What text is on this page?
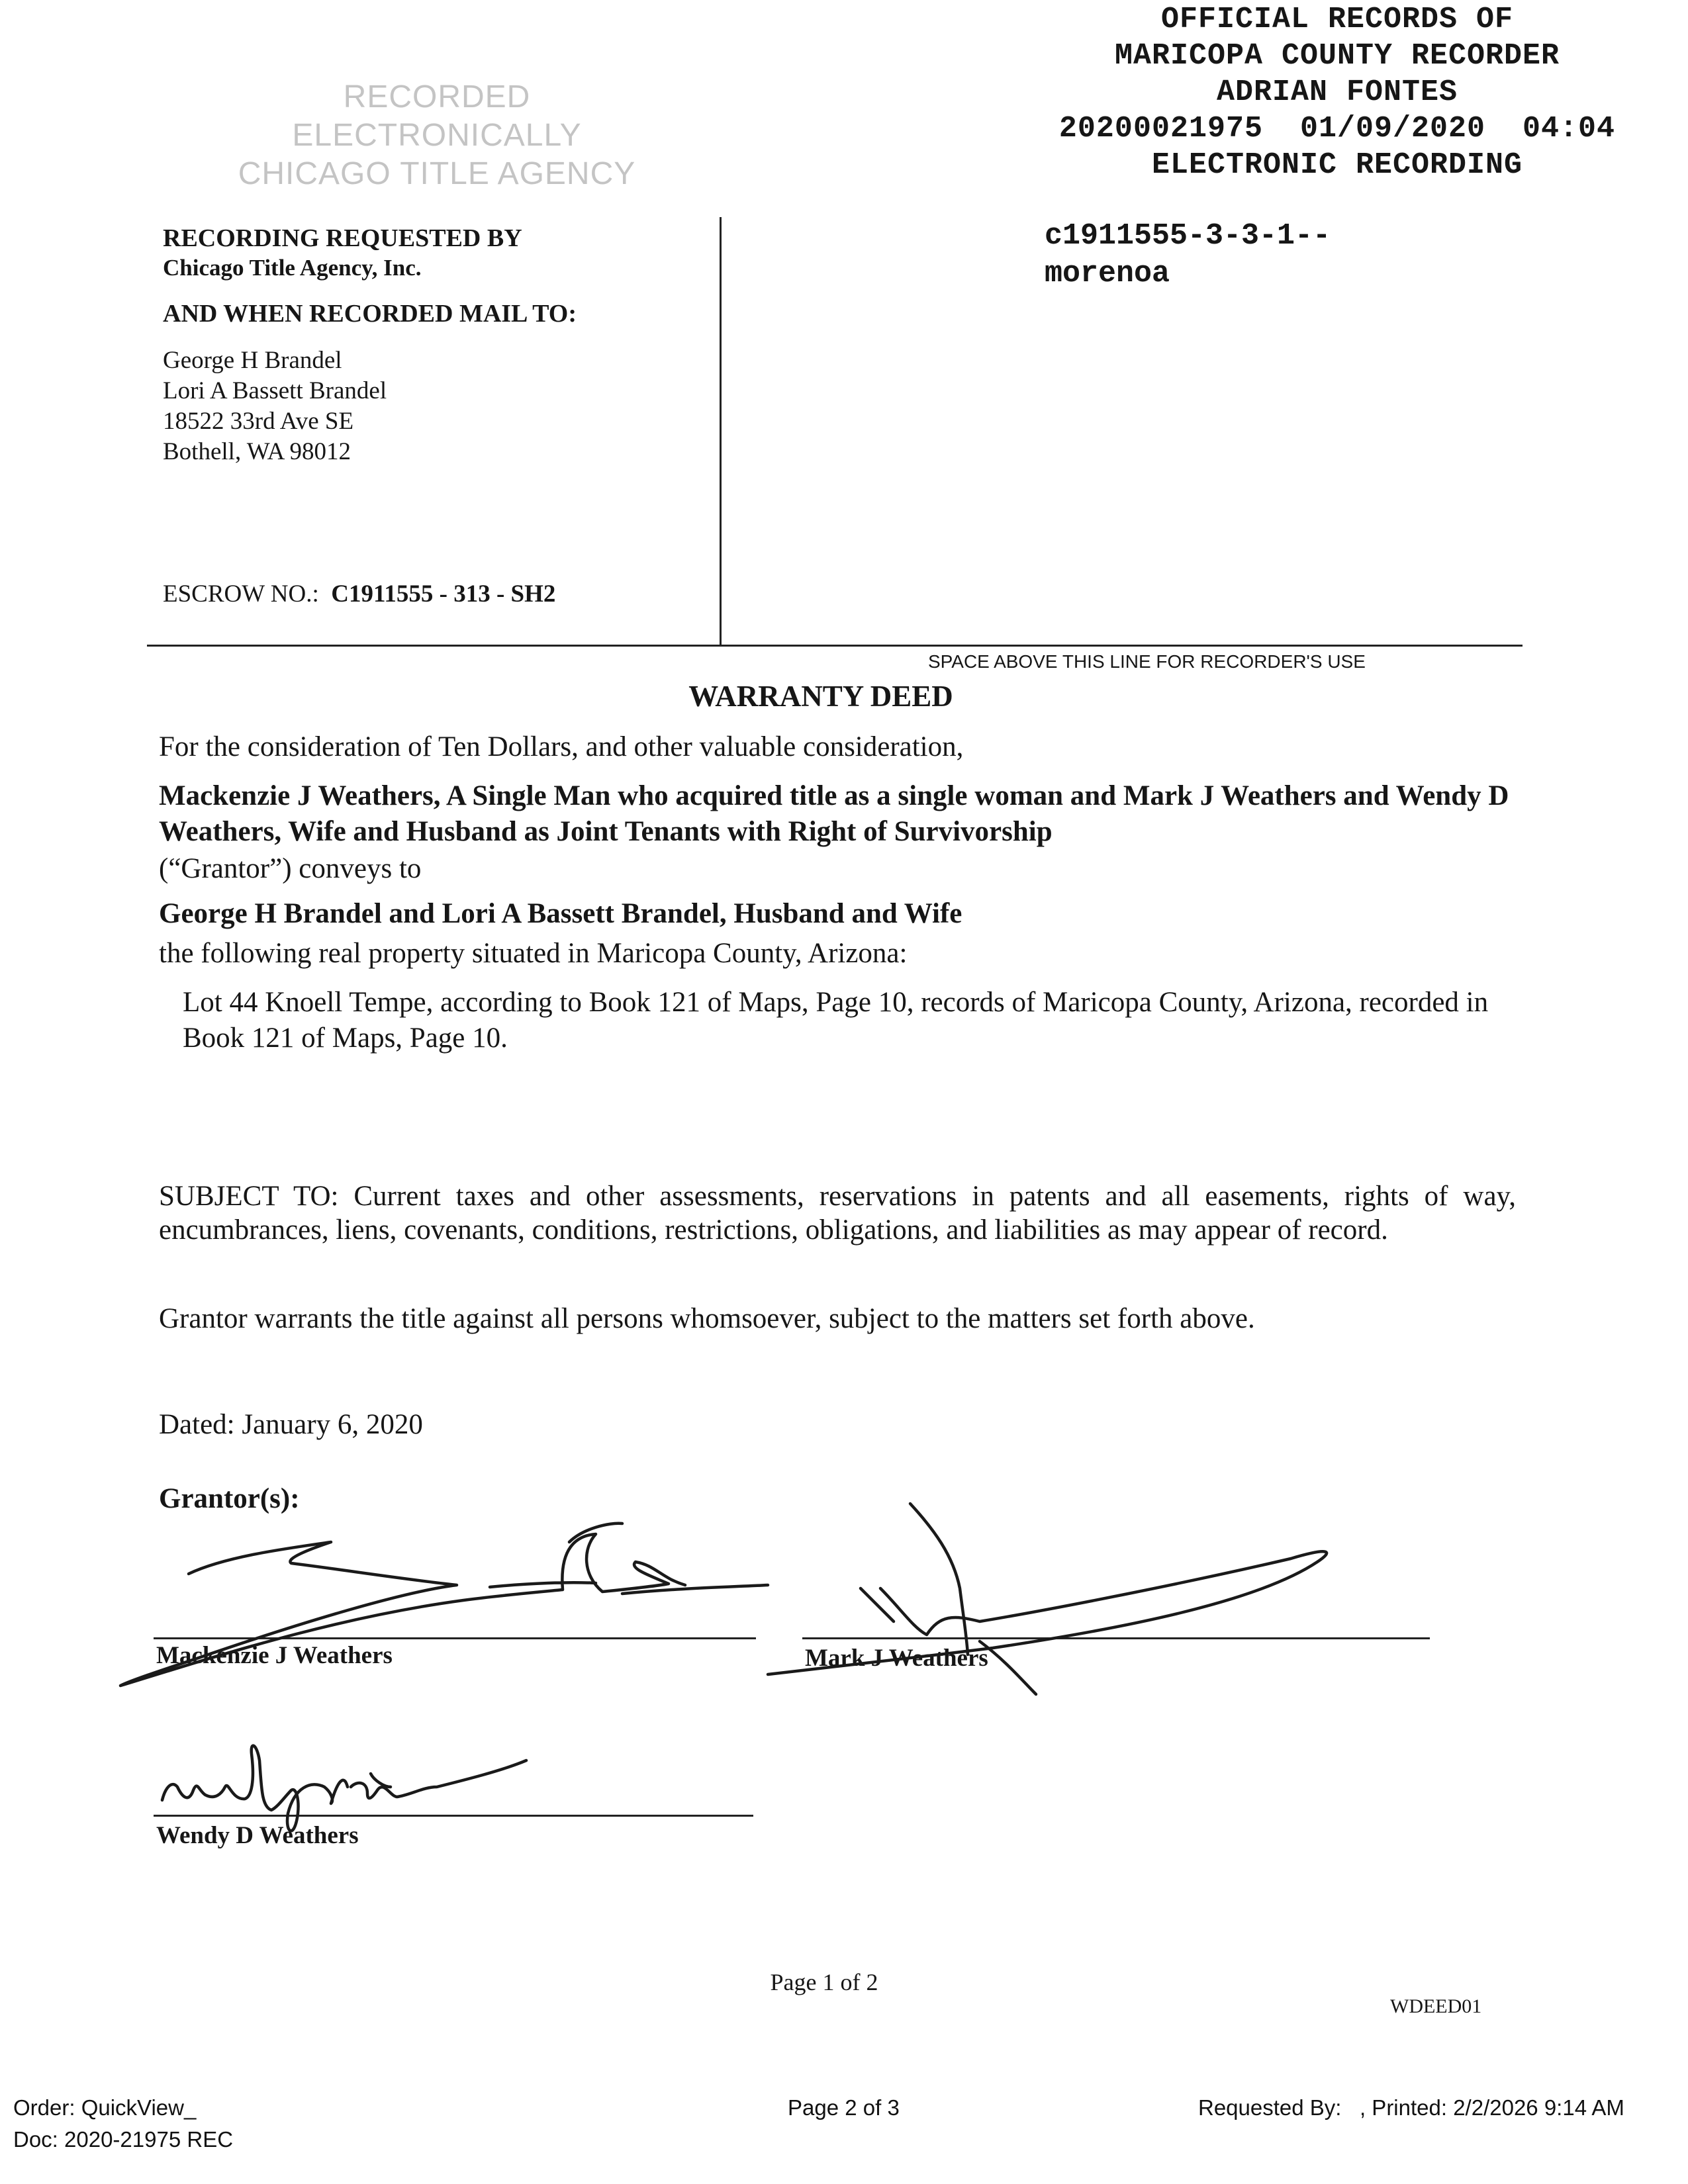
RECORDED ELECTRONICALLY
CHICAGO TITLE AGENCY
OFFICIAL RECORDS OF
MARICOPA COUNTY RECORDER
ADRIAN FONTES
20200021975  01/09/2020  04:04
ELECTRONIC RECORDING
RECORDING REQUESTED BY
Chicago Title Agency, Inc.
AND WHEN RECORDED MAIL TO:
George H Brandel
Lori A Bassett Brandel
18522 33rd Ave SE
Bothell, WA 98012
ESCROW NO.: C1911555 - 313 - SH2
c1911555-3-3-1--
morenoa
SPACE ABOVE THIS LINE FOR RECORDER'S USE
WARRANTY DEED
For the consideration of Ten Dollars, and other valuable consideration,
Mackenzie J Weathers, A Single Man who acquired title as a single woman and Mark J Weathers and Wendy D Weathers, Wife and Husband as Joint Tenants with Right of Survivorship
(“Grantor”) conveys to
George H Brandel and Lori A Bassett Brandel, Husband and Wife
the following real property situated in Maricopa County, Arizona:
Lot 44 Knoell Tempe, according to Book 121 of Maps, Page 10, records of Maricopa County, Arizona, recorded in Book 121 of Maps, Page 10.
SUBJECT TO: Current taxes and other assessments, reservations in patents and all easements, rights of way, encumbrances, liens, covenants, conditions, restrictions, obligations, and liabilities as may appear of record.
Grantor warrants the title against all persons whomsoever, subject to the matters set forth above.
Dated: January 6, 2020
Grantor(s):
Mackenzie J Weathers	Mark J Weathers
Wendy D Weathers
Page 1 of 2
WDEED01
Order: QuickView_
Doc: 2020-21975 REC
Page 2 of 3	Requested By:   , Printed: 2/2/2026 9:14 AM
